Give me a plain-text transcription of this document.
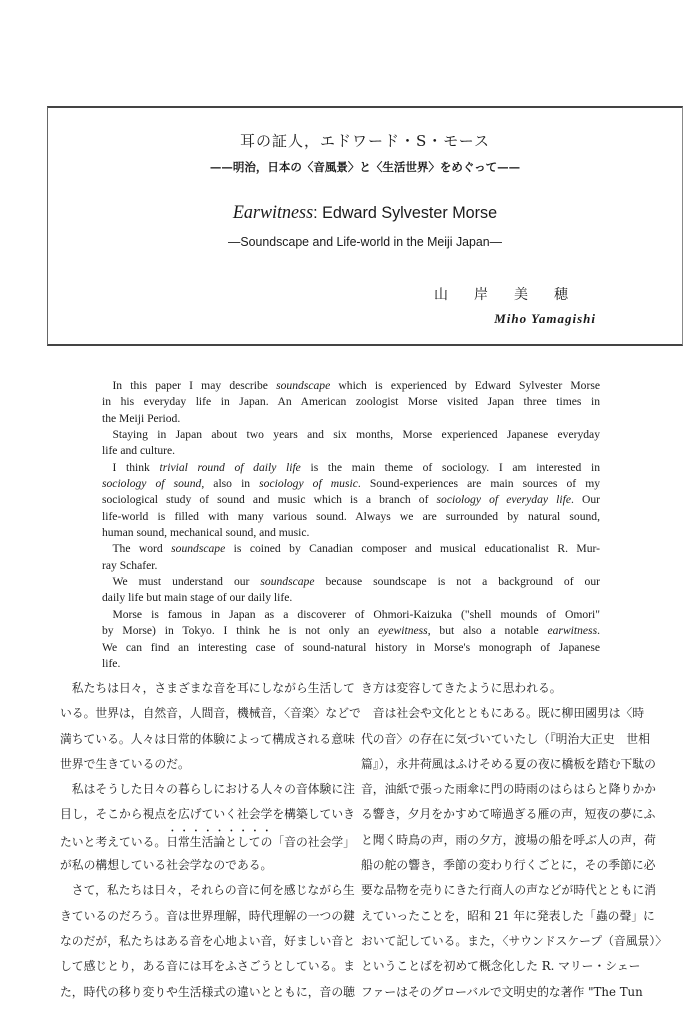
耳の証人，エドワード・S・モース
——明治，日本の〈音風景〉と〈生活世界〉をめぐって——
Earwitness: Edward Sylvester Morse
—Soundscape and Life-world in the Meiji Japan—
山岸美穂
Miho Yamagishi
In this paper I may describe soundscape which is experienced by Edward Sylvester Morse
in his everyday life in Japan. An American zoologist Morse visited Japan three times in
the Meiji Period.
Staying in Japan about two years and six months, Morse experienced Japanese everyday
life and culture.
I think trivial round of daily life is the main theme of sociology. I am interested in
sociology of sound, also in sociology of music. Sound-experiences are main sources of my
sociological study of sound and music which is a branch of sociology of everyday life. Our
life-world is filled with many various sound. Always we are surrounded by natural sound,
human sound, mechanical sound, and music.
The word soundscape is coined by Canadian composer and musical educationalist R. Mur-
ray Schafer.
We must understand our soundscape because soundscape is not a background of our
daily life but main stage of our daily life.
Morse is famous in Japan as a discoverer of Ohmori-Kaizuka ("shell mounds of Omori"
by Morse) in Tokyo. I think he is not only an eyewitness, but also a notable earwitness.
We can find an interesting case of sound-natural history in Morse's monograph of Japanese
life.
　私たちは日々，さまざまな音を耳にしながら生活して
いる。世界は，自然音，人間音，機械音，〈音楽〉などで
満ちている。人々は日常的体験によって構成される意味
世界で生きているのだ。
　私はそうした日々の暮らしにおける人々の音体験に注
目し，そこから視点を広げていく社会学を構築していき
たいと考えている。日常生活論としての「音の社会学」
が私の構想している社会学なのである。
　さて，私たちは日々，それらの音に何を感じながら生
きているのだろう。音は世界理解，時代理解の一つの鍵
なのだが，私たちはある音を心地よい音，好ましい音と
して感じとり，ある音には耳をふさごうとしている。ま
た，時代の移り変りや生活様式の違いとともに，音の聴
き方は変容してきたように思われる。
　音は社会や文化とともにある。既に柳田國男は〈時
代の音〉の存在に気づいていたし（『明治大正史　世相
篇』），永井荷風はふけそめる夏の夜に橋板を踏む下駄の
音，油紙で張った雨傘に門の時雨のはらはらと降りかか
る響き，夕月をかすめて啼過ぎる雁の声，短夜の夢にふ
と聞く時鳥の声，雨の夕方，渡場の船を呼ぶ人の声，荷
船の舵の響き，季節の変わり行くごとに，その季節に必
要な品物を売りにきた行商人の声などが時代とともに消
えていったことを，昭和 21 年に発表した「蟲の聲」に
おいて記している。また，〈サウンドスケープ（音風景）〉
ということばを初めて概念化した R. マリー・シェー
ファーはそのグローバルで文明史的な著作 "The Tun
